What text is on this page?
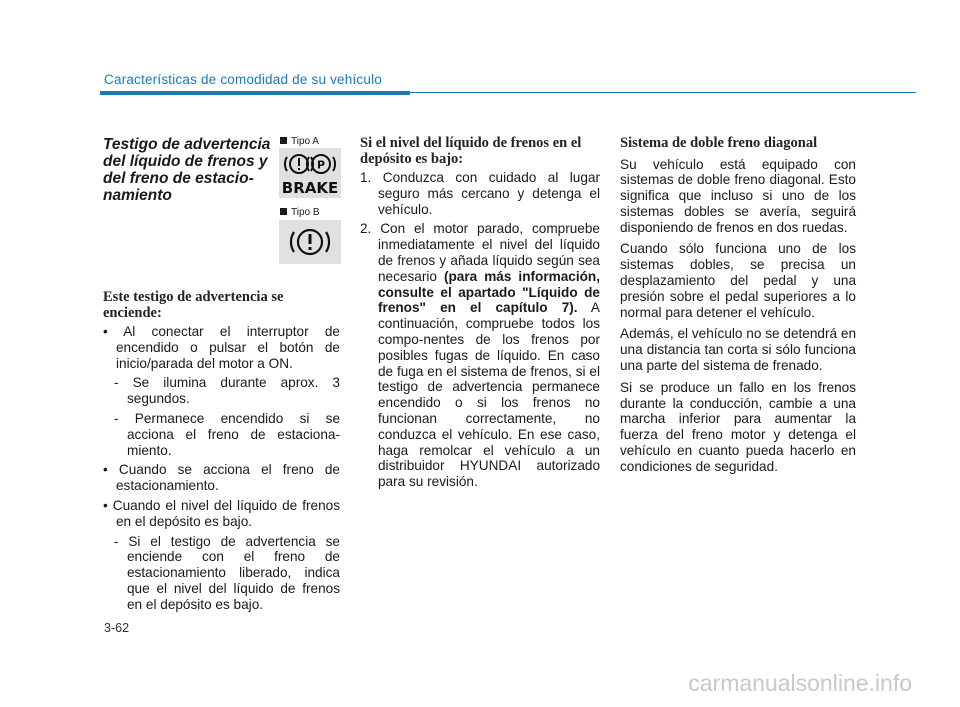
Características de comodidad de su vehículo
Testigo de advertencia del líquido de frenos y del freno de estacio-namiento
Este testigo de advertencia se enciende:
• Al conectar el interruptor de encendido o pulsar el botón de inicio/parada del motor a ON.
- Se ilumina durante aprox. 3 segundos.
- Permanece encendido si se acciona el freno de estaciona-miento.
• Cuando se acciona el freno de estacionamiento.
• Cuando el nivel del líquido de frenos en el depósito es bajo.
- Si el testigo de advertencia se enciende con el freno de estacionamiento liberado, indica que el nivel del líquido de frenos en el depósito es bajo.
Tipo A
P
BRAKE
Tipo B
Si el nivel del líquido de frenos en el depósito es bajo:
1. Conduzca con cuidado al lugar seguro más cercano y detenga el vehículo.
2. Con el motor parado, compruebe inmediatamente el nivel del líquido de frenos y añada líquido según sea necesario (para más información, consulte el apartado "Líquido de frenos" en el capítulo 7). A continuación, compruebe todos los compo-nentes de los frenos por posibles fugas de líquido. En caso de fuga en el sistema de frenos, si el testigo de advertencia permanece encendido o si los frenos no funcionan correctamente, no conduzca el vehículo. En ese caso, haga remolcar el vehículo a un distribuidor HYUNDAI autorizado para su revisión.
Sistema de doble freno diagonal

Su vehículo está equipado con sistemas de doble freno diagonal. Esto significa que incluso si uno de los sistemas dobles se avería, seguirá disponiendo de frenos en dos ruedas.

Cuando sólo funciona uno de los sistemas dobles, se precisa un desplazamiento del pedal y una presión sobre el pedal superiores a lo normal para detener el vehículo.

Además, el vehículo no se detendrá en una distancia tan corta si sólo funciona una parte del sistema de frenado.

Si se produce un fallo en los frenos durante la conducción, cambie a una marcha inferior para aumentar la fuerza del freno motor y detenga el vehículo en cuanto pueda hacerlo en condiciones de seguridad.

3-62
carmanualsonline.info
